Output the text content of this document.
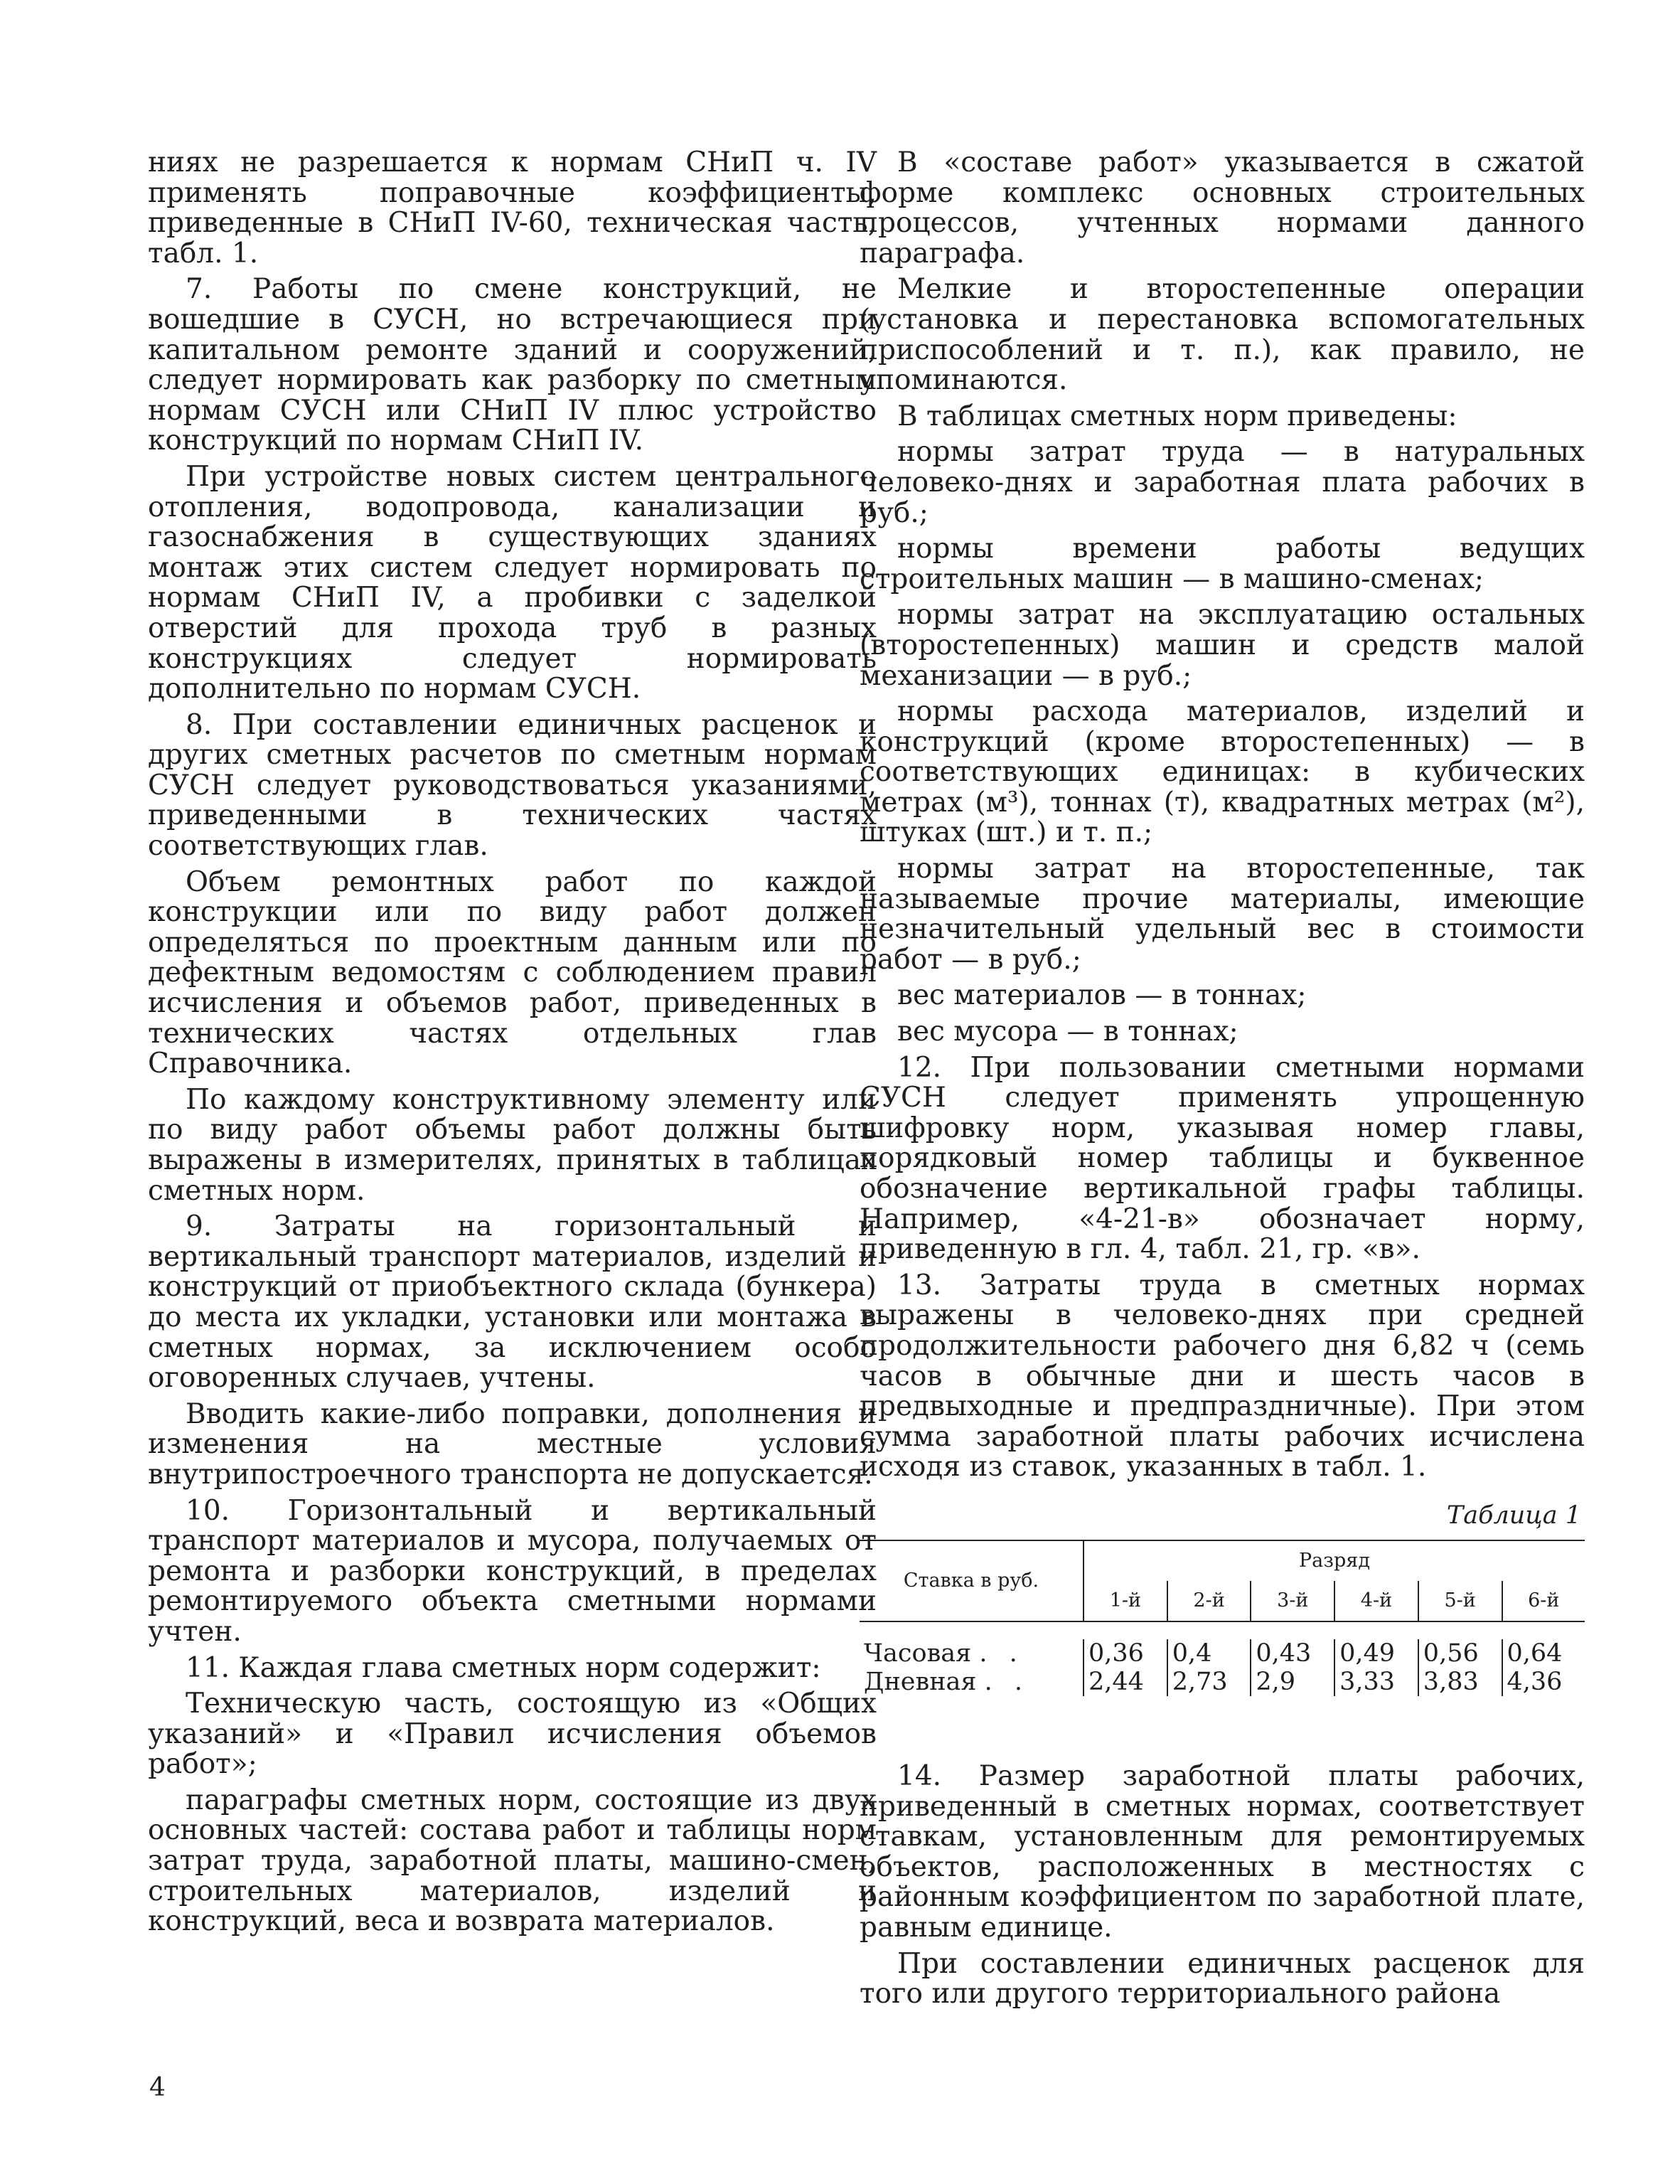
ниях не разрешается к нормам СНиП ч. IV применять поправочные коэффициенты, приведенные в СНиП IV-60, техническая часть, табл. 1.

7. Работы по смене конструкций, не вошедшие в СУСН, но встречающиеся при капитальном ремонте зданий и сооружений, следует нормировать как разборку по сметным нормам СУСН или СНиП IV плюс устройство конструкций по нормам СНиП IV.

При устройстве новых систем центрального отопления, водопровода, канализации и газоснабжения в существующих зданиях монтаж этих систем следует нормировать по нормам СНиП IV, а пробивки с заделкой отверстий для прохода труб в разных конструкциях следует нормировать дополнительно по нормам СУСН.

8. При составлении единичных расценок и других сметных расчетов по сметным нормам СУСН следует руководствоваться указаниями, приведенными в технических частях соответствующих глав.

Объем ремонтных работ по каждой конструкции или по виду работ должен определяться по проектным данным или по дефектным ведомостям с соблюдением правил исчисления и объемов работ, приведенных в технических частях отдельных глав Справочника.

По каждому конструктивному элементу или по виду работ объемы работ должны быть выражены в измерителях, принятых в таблицах сметных норм.

9. Затраты на горизонтальный и вертикальный транспорт материалов, изделий и конструкций от приобъектного склада (бункера) до места их укладки, установки или монтажа в сметных нормах, за исключением особо оговоренных случаев, учтены.

Вводить какие-либо поправки, дополнения и изменения на местные условия внутрипостроечного транспорта не допускается.

10. Горизонтальный и вертикальный транспорт материалов и мусора, получаемых от ремонта и разборки конструкций, в пределах ремонтируемого объекта сметными нормами учтен.

11. Каждая глава сметных норм содержит:

Техническую часть, состоящую из «Общих указаний» и «Правил исчисления объемов работ»;

параграфы сметных норм, состоящие из двух основных частей: состава работ и таблицы норм затрат труда, заработной платы, машино-смен, строительных материалов, изделий и конструкций, веса и возврата материалов.

В «составе работ» указывается в сжатой форме комплекс основных строительных процессов, учтенных нормами данного параграфа.

Мелкие и второстепенные операции (установка и перестановка вспомогательных приспособлений и т. п.), как правило, не упоминаются.

В таблицах сметных норм приведены:

нормы затрат труда — в натуральных человеко-днях и заработная плата рабочих в руб.;

нормы времени работы ведущих строительных машин — в машино-сменах;

нормы затрат на эксплуатацию остальных (второстепенных) машин и средств малой механизации — в руб.;

нормы расхода материалов, изделий и конструкций (кроме второстепенных) — в соответствующих единицах: в кубических метрах (м³), тоннах (т), квадратных метрах (м²), штуках (шт.) и т. п.;

нормы затрат на второстепенные, так называемые прочие материалы, имеющие незначительный удельный вес в стоимости работ — в руб.;

вес материалов — в тоннах;

вес мусора — в тоннах;

12. При пользовании сметными нормами СУСН следует применять упрощенную шифровку норм, указывая номер главы, порядковый номер таблицы и буквенное обозначение вертикальной графы таблицы. Например, «4-21-в» обозначает норму, приведенную в гл. 4, табл. 21, гр. «в».

13. Затраты труда в сметных нормах выражены в человеко-днях при средней продолжительности рабочего дня 6,82 ч (семь часов в обычные дни и шесть часов в предвыходные и предпраздничные). При этом сумма заработной платы рабочих исчислена исходя из ставок, указанных в табл. 1.

Таблица 1
Ставка в руб.	Разряд					
	1-й	2-й	3-й	4-й	5-й	6-й

Часовая . .	0,36	0,4	0,43	0,49	0,56	0,64
Дневная . .	2,44	2,73	2,9	3,33	3,83	4,36

14. Размер заработной платы рабочих, приведенный в сметных нормах, соответствует ставкам, установленным для ремонтируемых объектов, расположенных в местностях с районным коэффициентом по заработной плате, равным единице.

При составлении единичных расценок для того или другого территориального района

4
